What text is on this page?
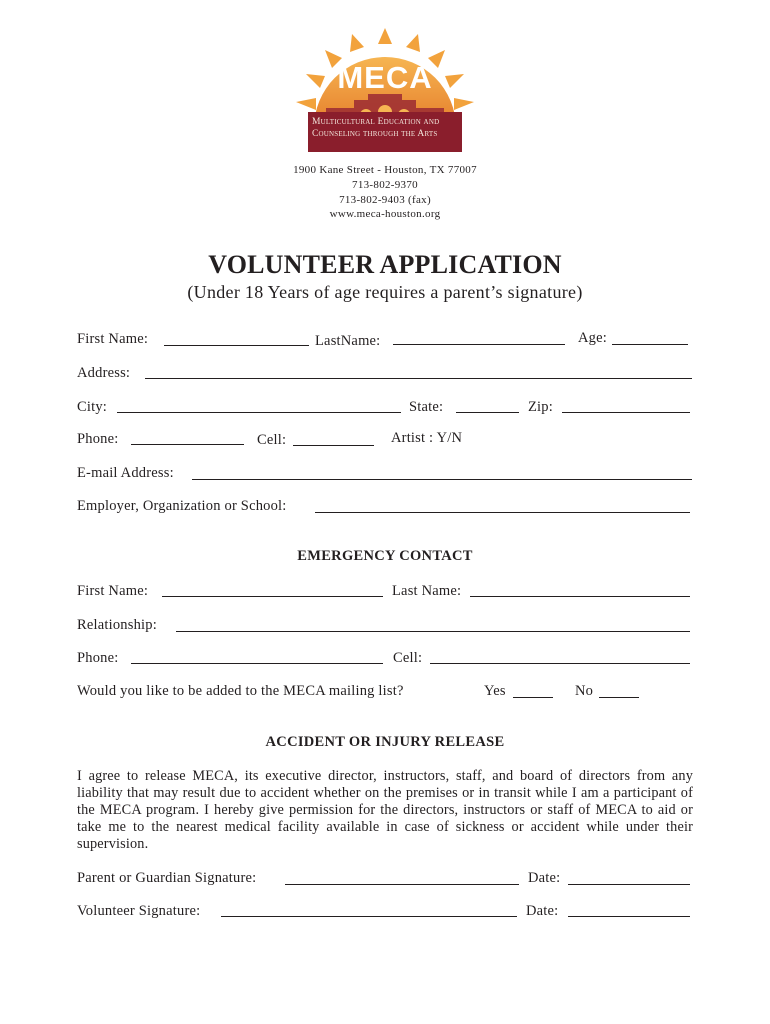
MECA
Multicultural Education and
Counseling through the Arts
1900 Kane Street - Houston, TX 77007
713-802-9370
713-802-9403 (fax)
www.meca-houston.org
VOLUNTEER APPLICATION
(Under 18 Years of age requires a parent’s signature)
First Name:	LastName:	Age:
Address:
City:	State:	Zip:
Phone:	Cell:	Artist : Y/N
E-mail Address:
Employer, Organization or School:
EMERGENCY CONTACT
First Name:	Last Name:
Relationship:
Phone:	Cell:
Would you like to be added to the MECA mailing list?	Yes	No
ACCIDENT OR INJURY RELEASE
I agree to release MECA, its executive director, instructors, staff, and board of directors from any liability that may result due to accident whether on the premises or in transit while I am a participant of the MECA program. I hereby give permission for the directors, instructors or staff of MECA to aid or take me to the nearest medical facility available in case of sickness or accident while under their supervision.
Parent or Guardian Signature:	Date:
Volunteer Signature:	Date:
